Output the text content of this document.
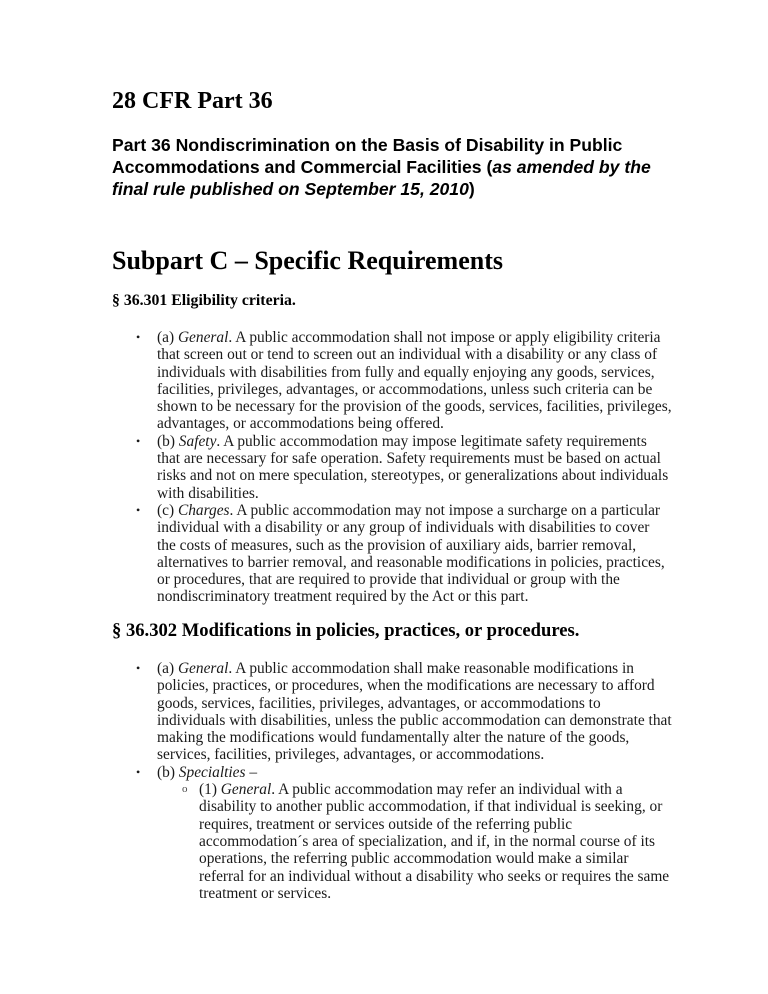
28 CFR Part 36
Part 36 Nondiscrimination on the Basis of Disability in Public Accommodations and Commercial Facilities (as amended by the final rule published on September 15, 2010)
Subpart C – Specific Requirements
§ 36.301 Eligibility criteria.
• (a) General. A public accommodation shall not impose or apply eligibility criteria that screen out or tend to screen out an individual with a disability or any class of individuals with disabilities from fully and equally enjoying any goods, services, facilities, privileges, advantages, or accommodations, unless such criteria can be shown to be necessary for the provision of the goods, services, facilities, privileges, advantages, or accommodations being offered.
• (b) Safety. A public accommodation may impose legitimate safety requirements that are necessary for safe operation. Safety requirements must be based on actual risks and not on mere speculation, stereotypes, or generalizations about individuals with disabilities.
• (c) Charges. A public accommodation may not impose a surcharge on a particular individual with a disability or any group of individuals with disabilities to cover the costs of measures, such as the provision of auxiliary aids, barrier removal, alternatives to barrier removal, and reasonable modifications in policies, practices, or procedures, that are required to provide that individual or group with the nondiscriminatory treatment required by the Act or this part.
§ 36.302 Modifications in policies, practices, or procedures.
• (a) General. A public accommodation shall make reasonable modifications in policies, practices, or procedures, when the modifications are necessary to afford goods, services, facilities, privileges, advantages, or accommodations to individuals with disabilities, unless the public accommodation can demonstrate that making the modifications would fundamentally alter the nature of the goods, services, facilities, privileges, advantages, or accommodations.
• (b) Specialties –
o (1) General. A public accommodation may refer an individual with a disability to another public accommodation, if that individual is seeking, or requires, treatment or services outside of the referring public accommodation´s area of specialization, and if, in the normal course of its operations, the referring public accommodation would make a similar referral for an individual without a disability who seeks or requires the same treatment or services.
